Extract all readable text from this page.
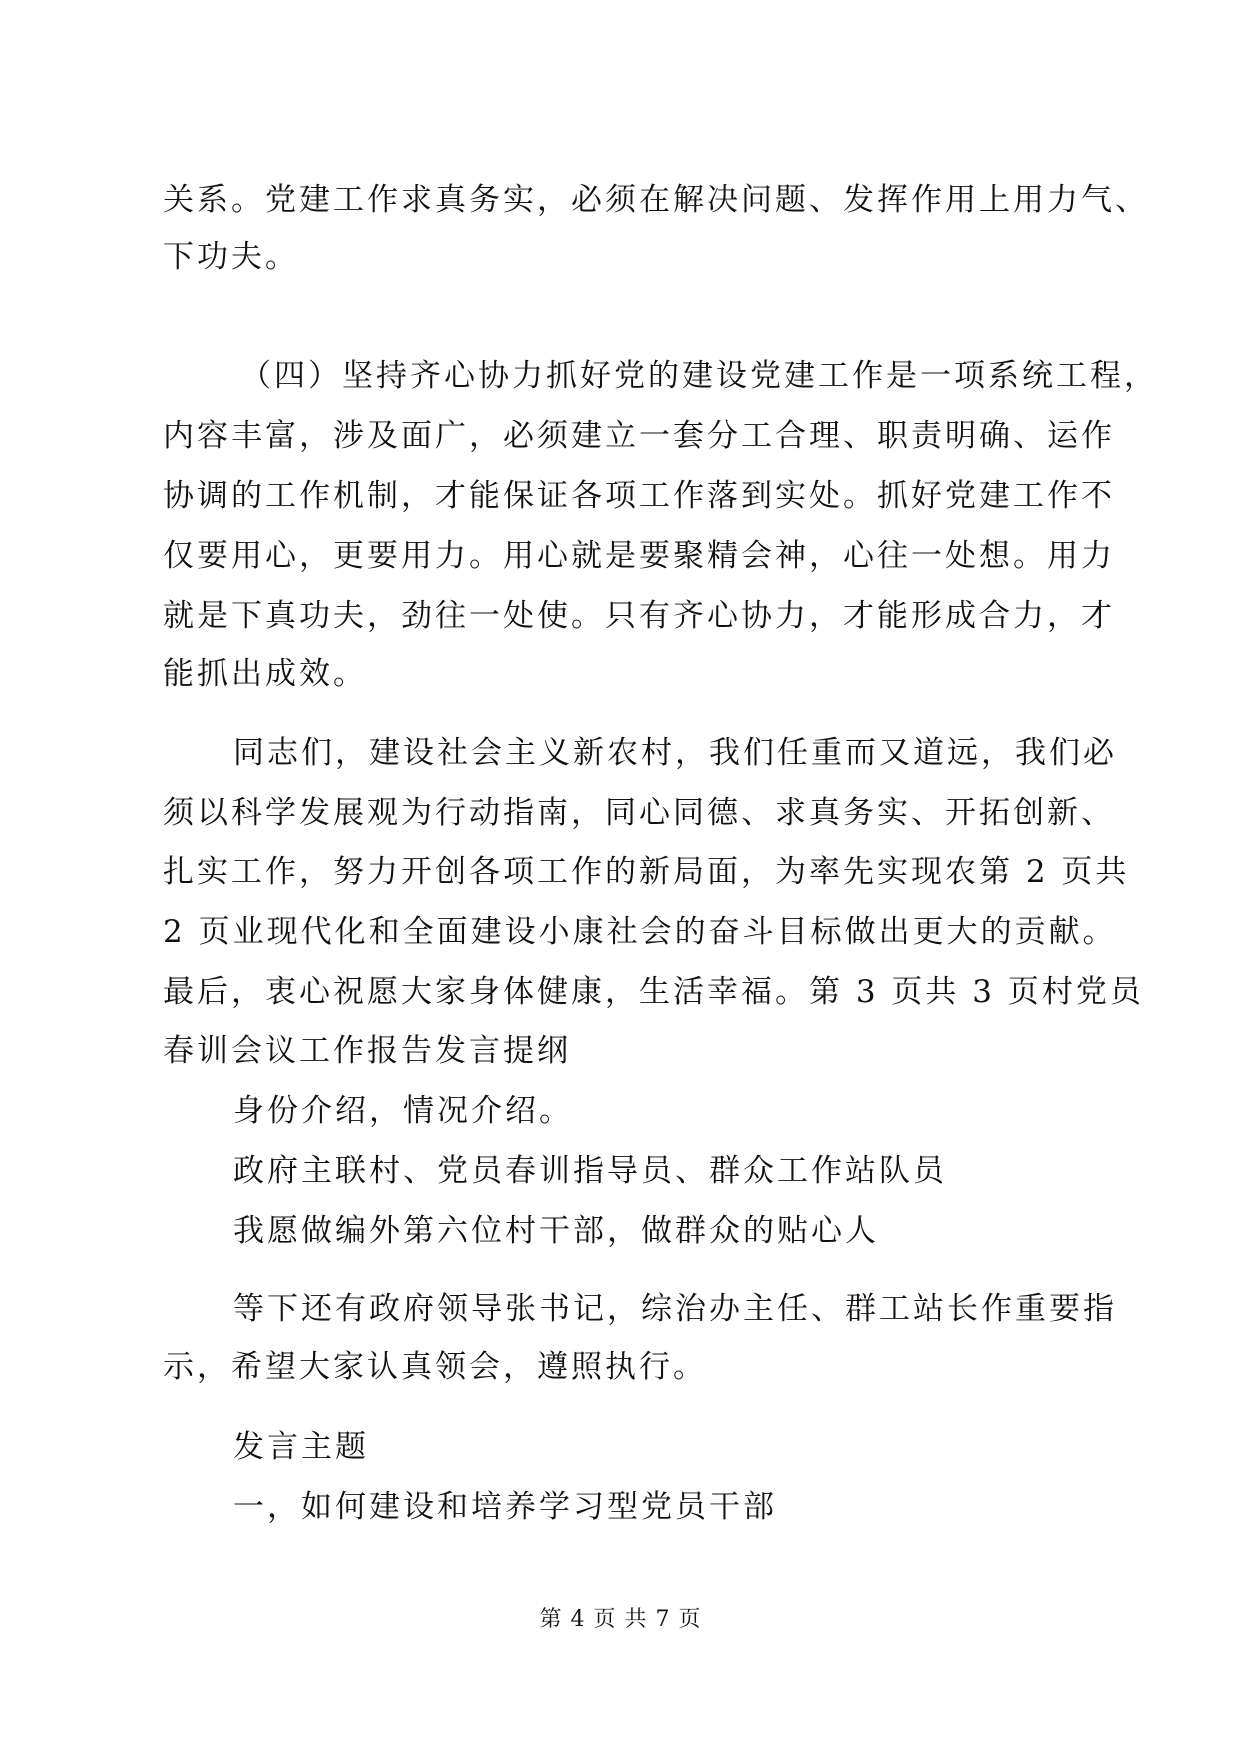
关系。党建工作求真务实，必须在解决问题、发挥作用上用力气、
下功夫。
（四）坚持齐心协力抓好党的建设党建工作是一项系统工程，
内容丰富，涉及面广，必须建立一套分工合理、职责明确、运作
协调的工作机制，才能保证各项工作落到实处。抓好党建工作不
仅要用心，更要用力。用心就是要聚精会神，心往一处想。用力
就是下真功夫，劲往一处使。只有齐心协力，才能形成合力，才
能抓出成效。
同志们，建设社会主义新农村，我们任重而又道远，我们必
须以科学发展观为行动指南，同心同德、求真务实、开拓创新、
扎实工作，努力开创各项工作的新局面，为率先实现农第 2 页共
2 页业现代化和全面建设小康社会的奋斗目标做出更大的贡献。
最后，衷心祝愿大家身体健康，生活幸福。第 3 页共 3 页村党员
春训会议工作报告发言提纲
身份介绍，情况介绍。
政府主联村、党员春训指导员、群众工作站队员
我愿做编外第六位村干部，做群众的贴心人
等下还有政府领导张书记，综治办主任、群工站长作重要指
示，希望大家认真领会，遵照执行。
发言主题
一，如何建设和培养学习型党员干部
第 4 页 共 7 页
